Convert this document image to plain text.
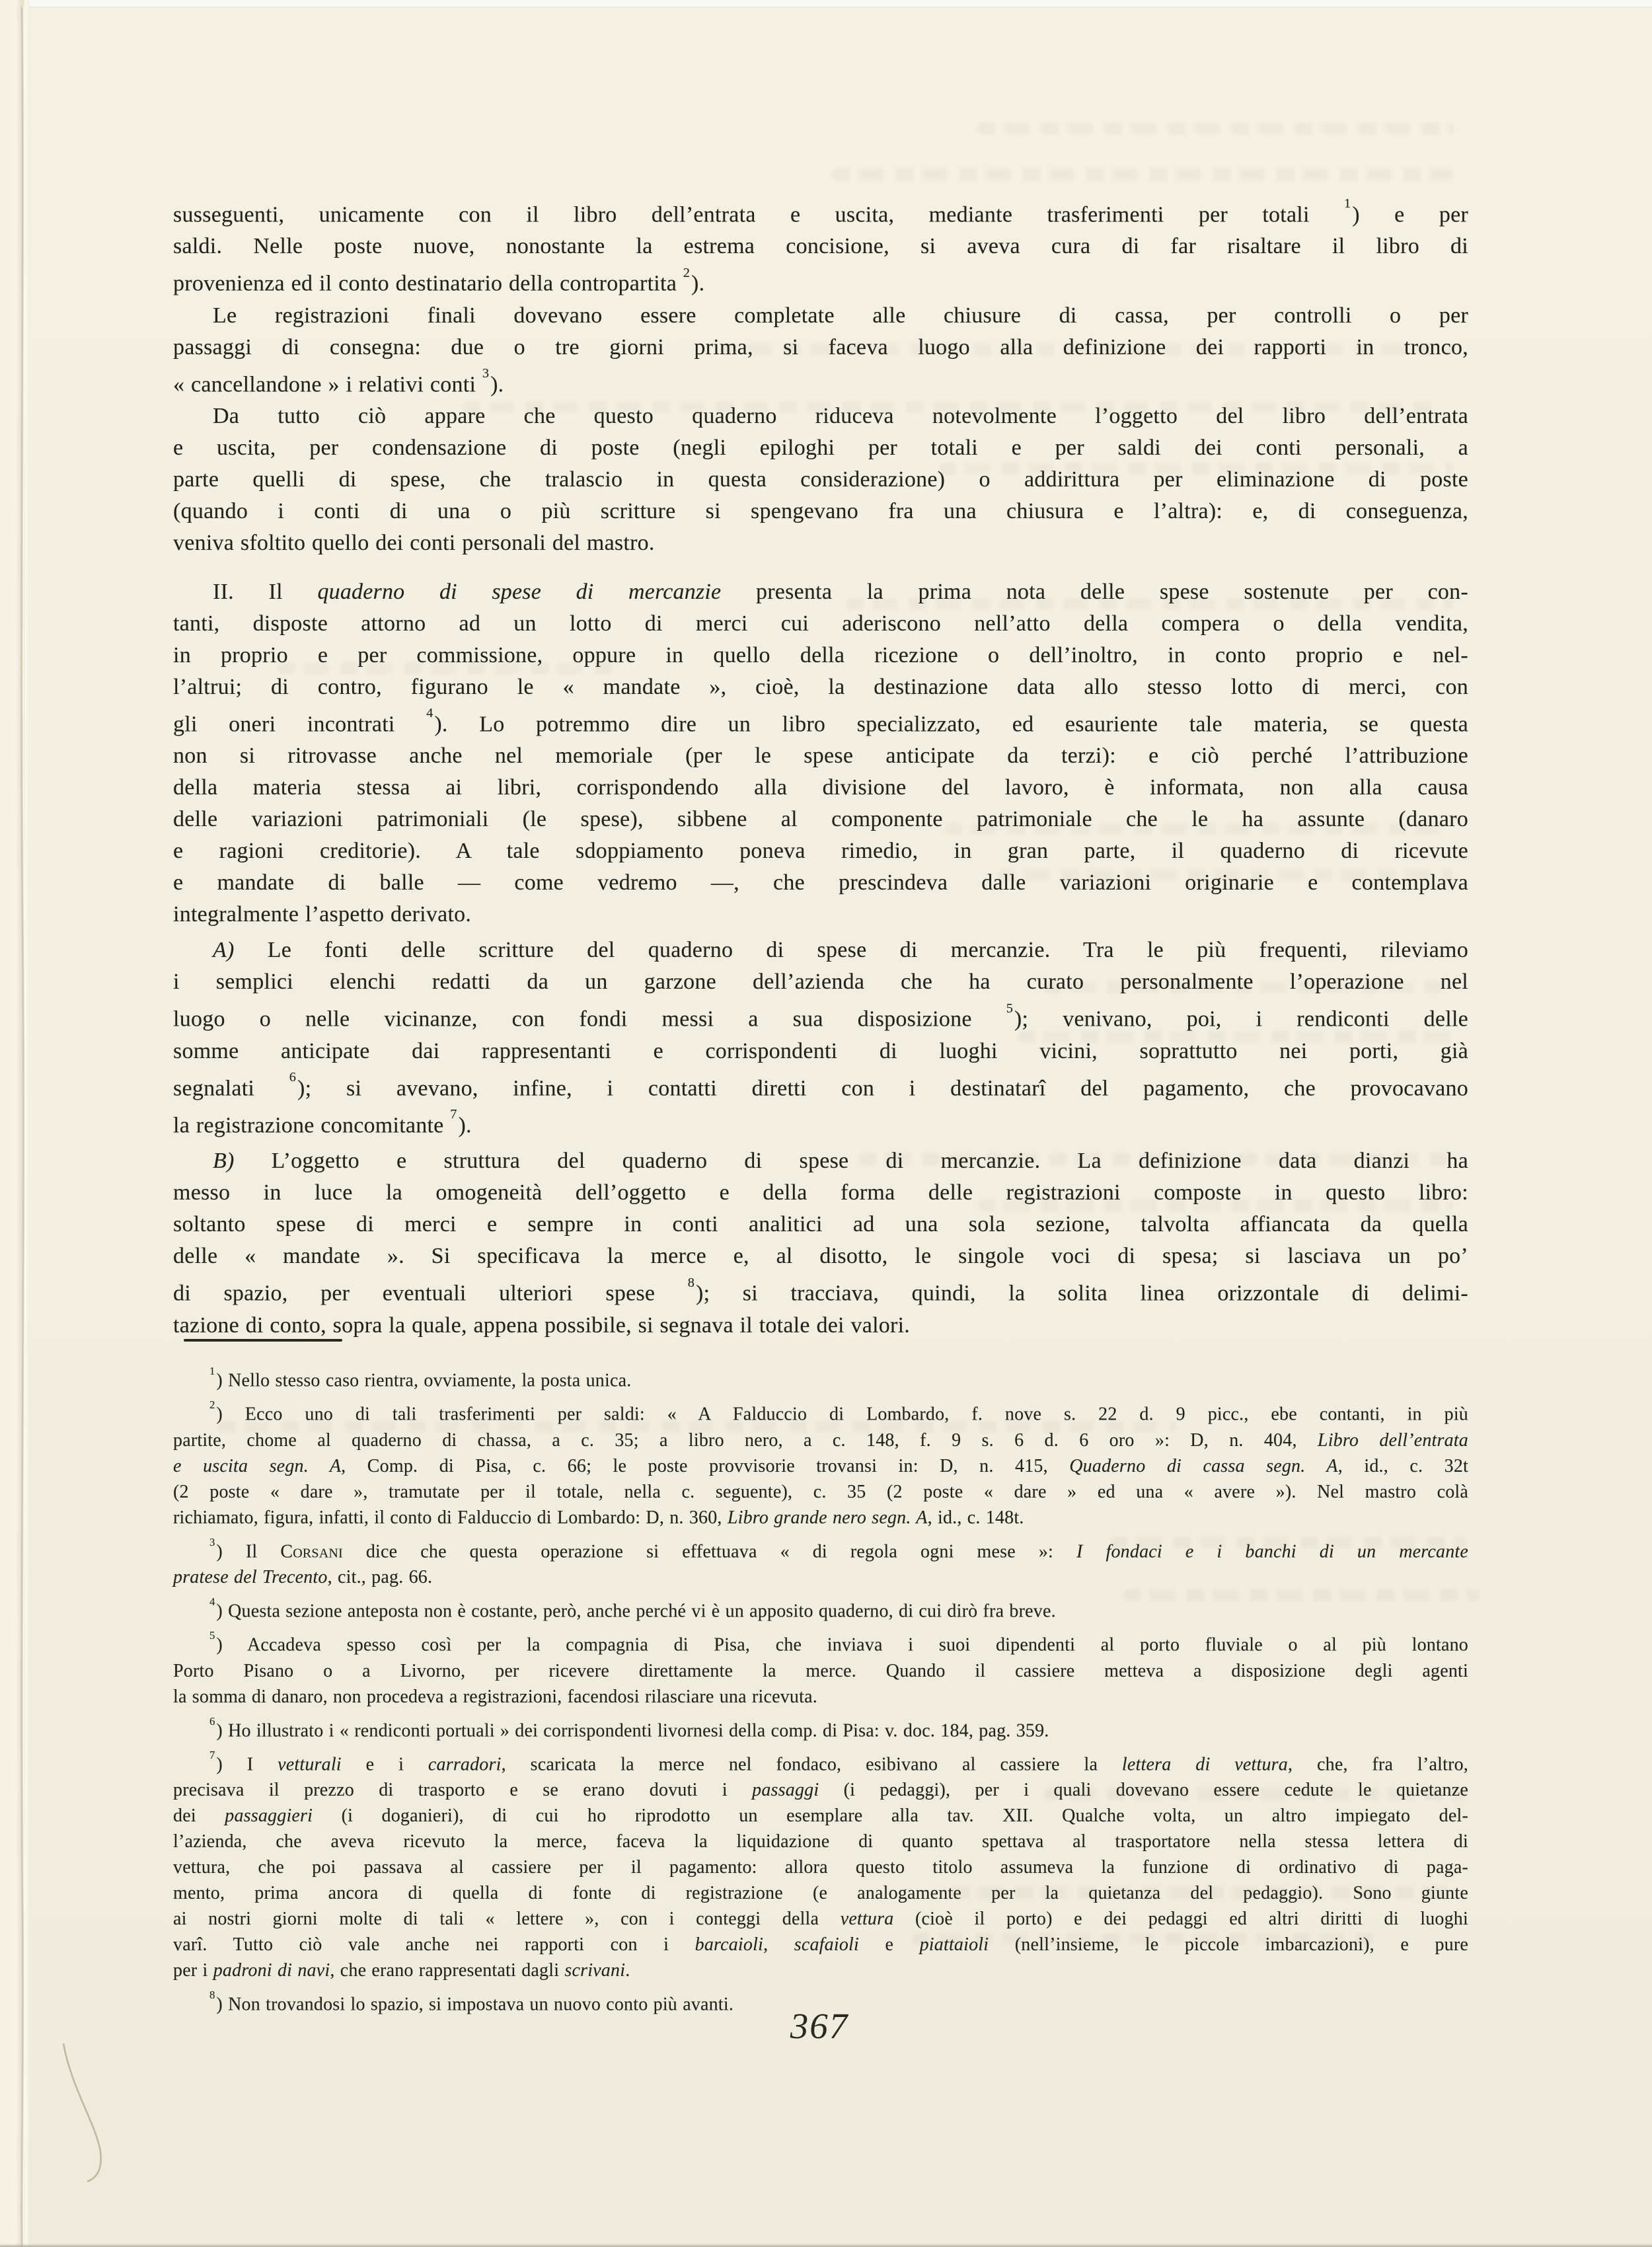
susseguenti, unicamente con il libro dell’entrata e uscita, mediante trasferimenti per totali $^1$) e per
saldi. Nelle poste nuove, nonostante la estrema concisione, si aveva cura di far risaltare il libro di
provenienza ed il conto destinatario della contropartita $^2$).
Le registrazioni finali dovevano essere completate alle chiusure di cassa, per controlli o per
passaggi di consegna: due o tre giorni prima, si faceva luogo alla definizione dei rapporti in tronco,
« cancellandone » i relativi conti $^3$).
Da tutto ciò appare che questo quaderno riduceva notevolmente l’oggetto del libro dell’entrata
e uscita, per condensazione di poste (negli epiloghi per totali e per saldi dei conti personali, a
parte quelli di spese, che tralascio in questa considerazione) o addirittura per eliminazione di poste
(quando i conti di una o più scritture si spengevano fra una chiusura e l’altra): e, di conseguenza,
veniva sfoltito quello dei conti personali del mastro.
II. Il quaderno di spese di mercanzie presenta la prima nota delle spese sostenute per con-
tanti, disposte attorno ad un lotto di merci cui aderiscono nell’atto della compera o della vendita,
in proprio e per commissione, oppure in quello della ricezione o dell’inoltro, in conto proprio e nel-
l’altrui; di contro, figurano le « mandate », cioè, la destinazione data allo stesso lotto di merci, con
gli oneri incontrati $^4$). Lo potremmo dire un libro specializzato, ed esauriente tale materia, se questa
non si ritrovasse anche nel memoriale (per le spese anticipate da terzi): e ciò perché l’attribuzione
della materia stessa ai libri, corrispondendo alla divisione del lavoro, è informata, non alla causa
delle variazioni patrimoniali (le spese), sibbene al componente patrimoniale che le ha assunte (danaro
e ragioni creditorie). A tale sdoppiamento poneva rimedio, in gran parte, il quaderno di ricevute
e mandate di balle — come vedremo —, che prescindeva dalle variazioni originarie e contemplava
integralmente l’aspetto derivato.
A) Le fonti delle scritture del quaderno di spese di mercanzie. Tra le più frequenti, rileviamo
i semplici elenchi redatti da un garzone dell’azienda che ha curato personalmente l’operazione nel
luogo o nelle vicinanze, con fondi messi a sua disposizione $^5$); venivano, poi, i rendiconti delle
somme anticipate dai rappresentanti e corrispondenti di luoghi vicini, soprattutto nei porti, già
segnalati $^6$); si avevano, infine, i contatti diretti con i destinatarî del pagamento, che provocavano
la registrazione concomitante $^7$).
B) L’oggetto e struttura del quaderno di spese di mercanzie. La definizione data dianzi ha
messo in luce la omogeneità dell’oggetto e della forma delle registrazioni composte in questo libro:
soltanto spese di merci e sempre in conti analitici ad una sola sezione, talvolta affiancata da quella
delle « mandate ». Si specificava la merce e, al disotto, le singole voci di spesa; si lasciava un po’
di spazio, per eventuali ulteriori spese $^8$); si tracciava, quindi, la solita linea orizzontale di delimi-
tazione di conto, sopra la quale, appena possibile, si segnava il totale dei valori.
$^1$) Nello stesso caso rientra, ovviamente, la posta unica.
$^2$) Ecco uno di tali trasferimenti per saldi: « A Falduccio di Lombardo, f. nove s. 22 d. 9 picc., ebe contanti, in più
partite, chome al quaderno di chassa, a c. 35; a libro nero, a c. 148, f. 9 s. 6 d. 6 oro »: D, n. 404, Libro dell’entrata
e uscita segn. A, Comp. di Pisa, c. 66; le poste provvisorie trovansi in: D, n. 415, Quaderno di cassa segn. A, id., c. 32t
(2 poste « dare », tramutate per il totale, nella c. seguente), c. 35 (2 poste « dare » ed una « avere »). Nel mastro colà
richiamato, figura, infatti, il conto di Falduccio di Lombardo: D, n. 360, Libro grande nero segn. A, id., c. 148t.
$^3$) Il Corsani dice che questa operazione si effettuava « di regola ogni mese »: I fondaci e i banchi di un mercante
pratese del Trecento, cit., pag. 66.
$^4$) Questa sezione anteposta non è costante, però, anche perché vi è un apposito quaderno, di cui dirò fra breve.
$^5$) Accadeva spesso così per la compagnia di Pisa, che inviava i suoi dipendenti al porto fluviale o al più lontano
Porto Pisano o a Livorno, per ricevere direttamente la merce. Quando il cassiere metteva a disposizione degli agenti
la somma di danaro, non procedeva a registrazioni, facendosi rilasciare una ricevuta.
$^6$) Ho illustrato i « rendiconti portuali » dei corrispondenti livornesi della comp. di Pisa: v. doc. 184, pag. 359.
$^7$) I vetturali e i carradori, scaricata la merce nel fondaco, esibivano al cassiere la lettera di vettura, che, fra l’altro,
precisava il prezzo di trasporto e se erano dovuti i passaggi (i pedaggi), per i quali dovevano essere cedute le quietanze
dei passaggieri (i doganieri), di cui ho riprodotto un esemplare alla tav. XII. Qualche volta, un altro impiegato del-
l’azienda, che aveva ricevuto la merce, faceva la liquidazione di quanto spettava al trasportatore nella stessa lettera di
vettura, che poi passava al cassiere per il pagamento: allora questo titolo assumeva la funzione di ordinativo di paga-
mento, prima ancora di quella di fonte di registrazione (e analogamente per la quietanza del pedaggio). Sono giunte
ai nostri giorni molte di tali « lettere », con i conteggi della vettura (cioè il porto) e dei pedaggi ed altri diritti di luoghi
varî. Tutto ciò vale anche nei rapporti con i barcaioli, scafaioli e piattaioli (nell’insieme, le piccole imbarcazioni), e pure
per i padroni di navi, che erano rappresentati dagli scrivani.
$^8$) Non trovandosi lo spazio, si impostava un nuovo conto più avanti.
367
